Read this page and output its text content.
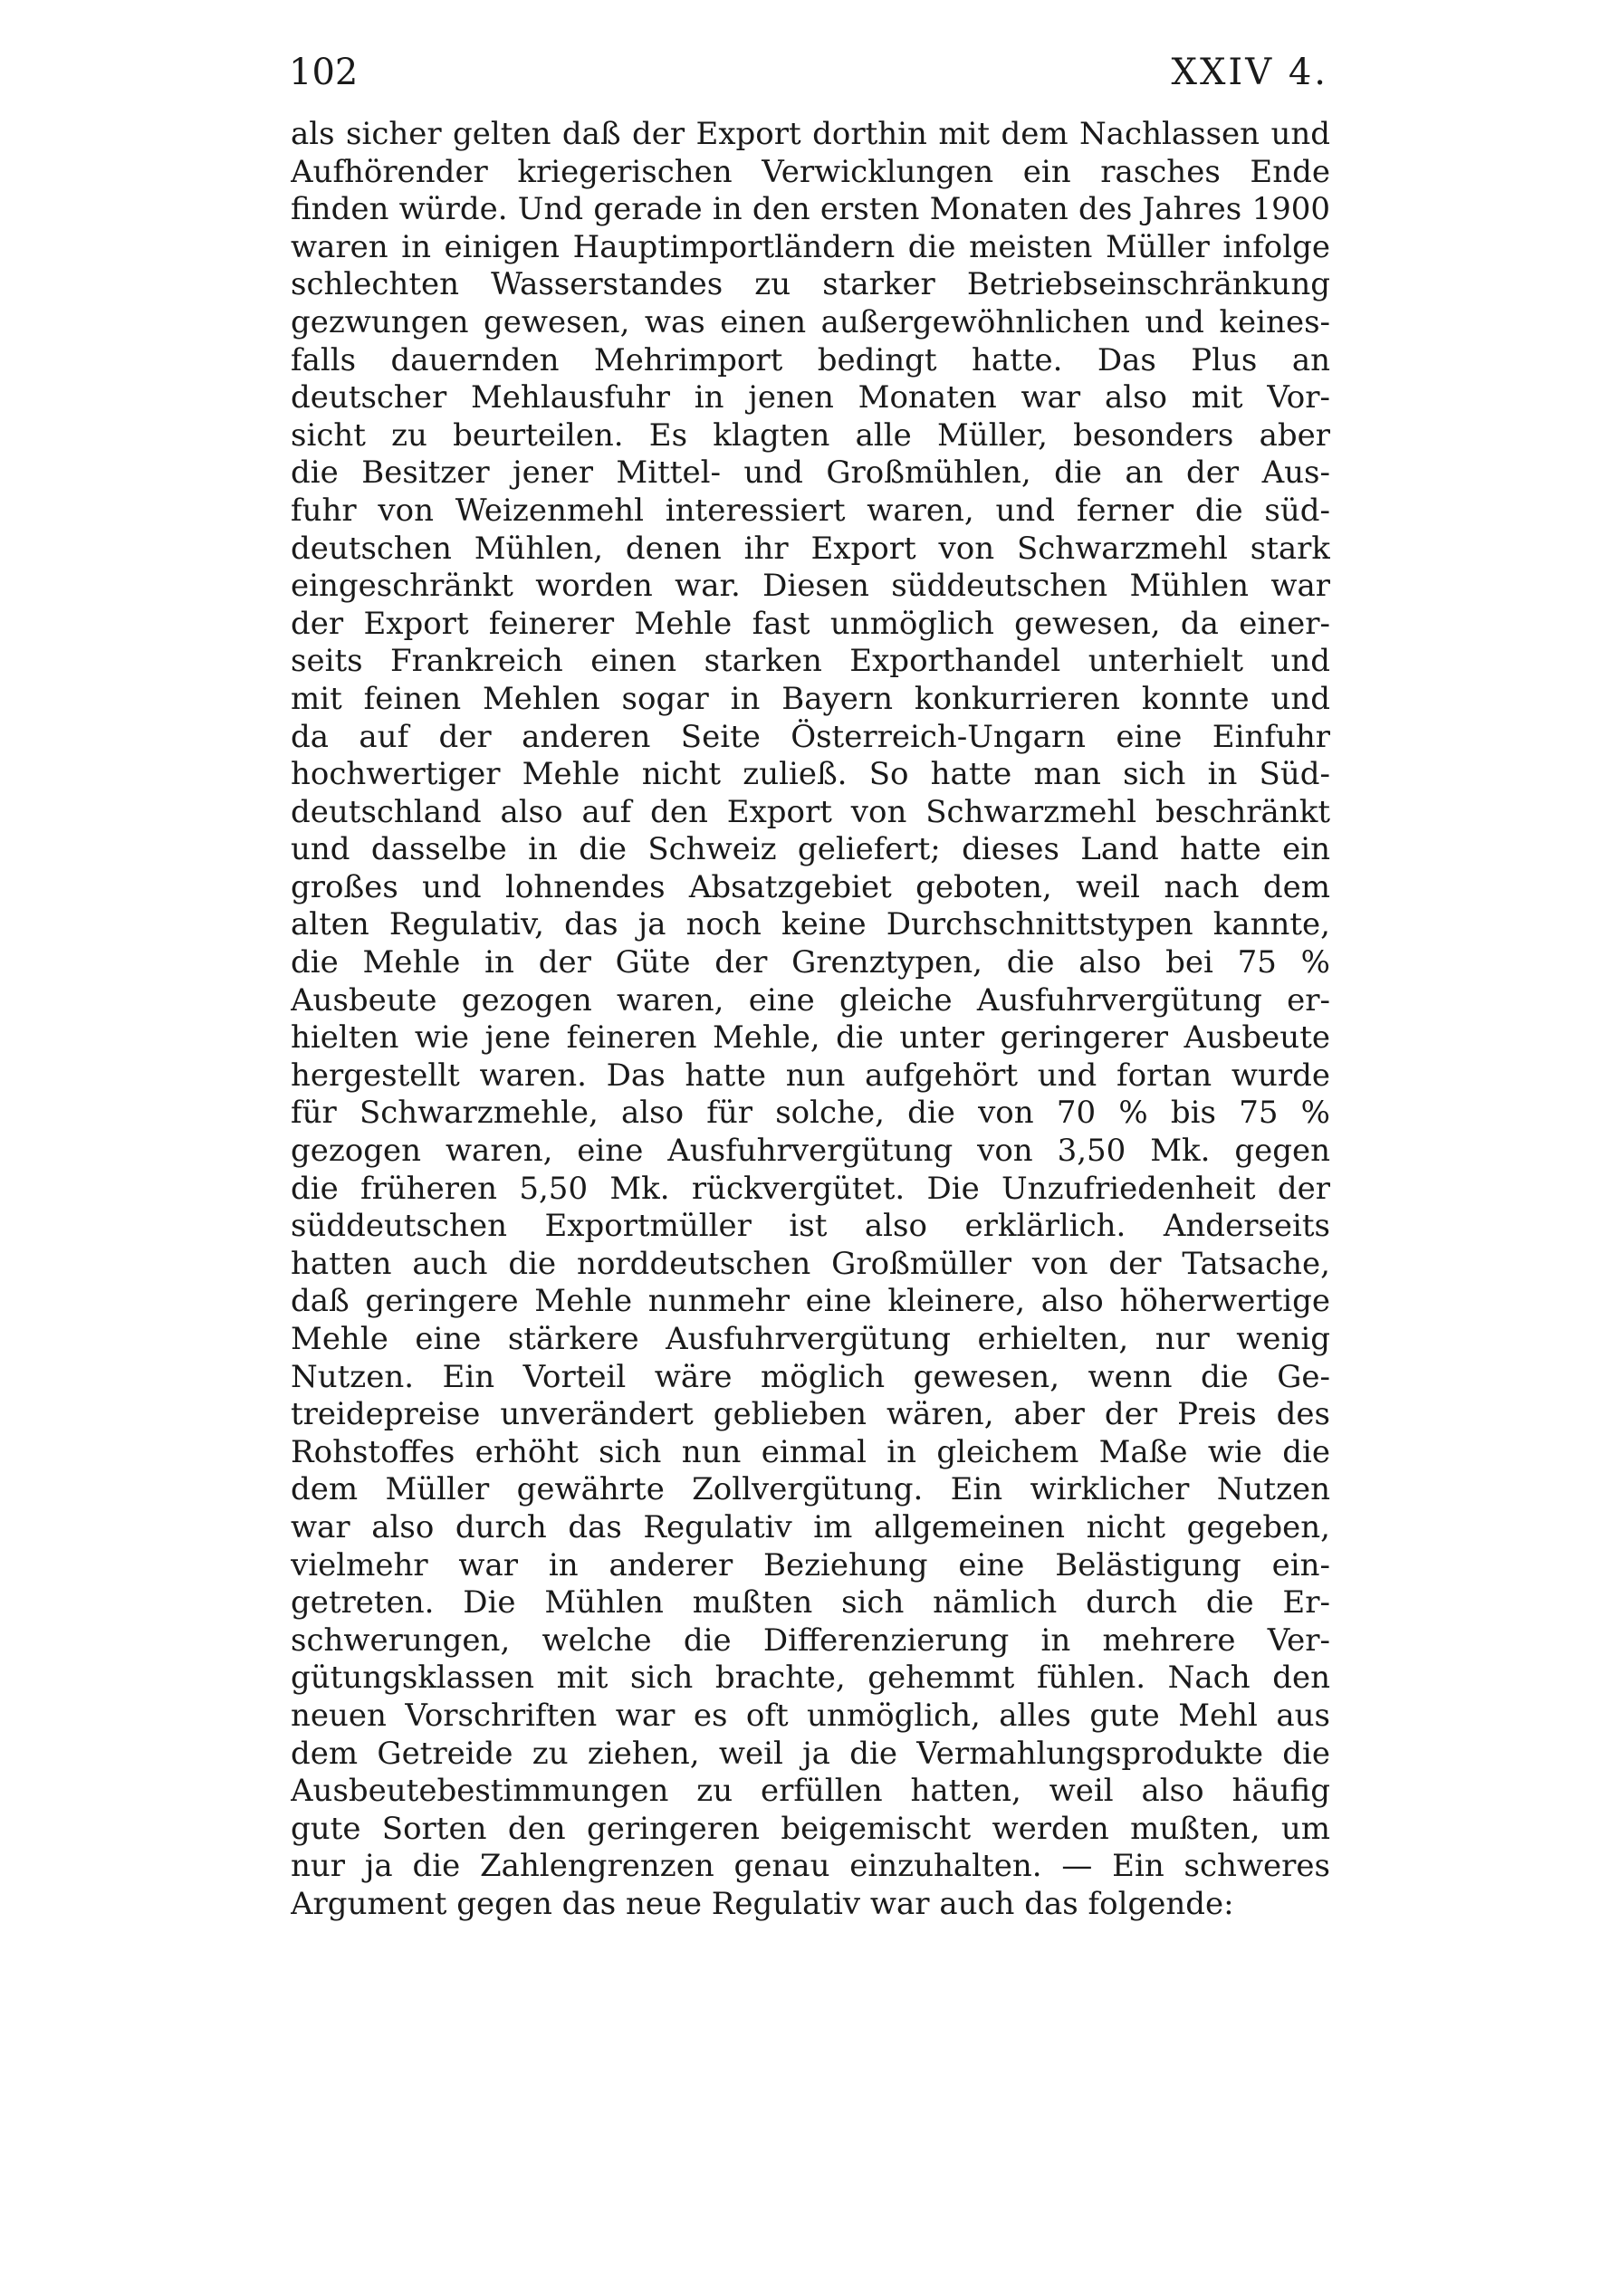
102	XXIV 4.
als sicher gelten daß der Export dorthin mit dem Nachlassen und
Aufhörender kriegerischen Verwicklungen ein rasches Ende
finden würde. Und gerade in den ersten Monaten des Jahres 1900
waren in einigen Hauptimportländern die meisten Müller infolge
schlechten Wasserstandes zu starker Betriebseinschränkung
gezwungen gewesen, was einen außergewöhnlichen und keines-
falls dauernden Mehrimport bedingt hatte. Das Plus an
deutscher Mehlausfuhr in jenen Monaten war also mit Vor-
sicht zu beurteilen. Es klagten alle Müller, besonders aber
die Besitzer jener Mittel- und Großmühlen, die an der Aus-
fuhr von Weizenmehl interessiert waren, und ferner die süd-
deutschen Mühlen, denen ihr Export von Schwarzmehl stark
eingeschränkt worden war. Diesen süddeutschen Mühlen war
der Export feinerer Mehle fast unmöglich gewesen, da einer-
seits Frankreich einen starken Exporthandel unterhielt und
mit feinen Mehlen sogar in Bayern konkurrieren konnte und
da auf der anderen Seite Österreich-Ungarn eine Einfuhr
hochwertiger Mehle nicht zuließ. So hatte man sich in Süd-
deutschland also auf den Export von Schwarzmehl beschränkt
und dasselbe in die Schweiz geliefert; dieses Land hatte ein
großes und lohnendes Absatzgebiet geboten, weil nach dem
alten Regulativ, das ja noch keine Durchschnittstypen kannte,
die Mehle in der Güte der Grenztypen, die also bei 75 %
Ausbeute gezogen waren, eine gleiche Ausfuhrvergütung er-
hielten wie jene feineren Mehle, die unter geringerer Ausbeute
hergestellt waren. Das hatte nun aufgehört und fortan wurde
für Schwarzmehle, also für solche, die von 70 % bis 75 %
gezogen waren, eine Ausfuhrvergütung von 3,50 Mk. gegen
die früheren 5,50 Mk. rückvergütet. Die Unzufriedenheit der
süddeutschen Exportmüller ist also erklärlich. Anderseits
hatten auch die norddeutschen Großmüller von der Tatsache,
daß geringere Mehle nunmehr eine kleinere, also höherwertige
Mehle eine stärkere Ausfuhrvergütung erhielten, nur wenig
Nutzen. Ein Vorteil wäre möglich gewesen, wenn die Ge-
treidepreise unverändert geblieben wären, aber der Preis des
Rohstoffes erhöht sich nun einmal in gleichem Maße wie die
dem Müller gewährte Zollvergütung. Ein wirklicher Nutzen
war also durch das Regulativ im allgemeinen nicht gegeben,
vielmehr war in anderer Beziehung eine Belästigung ein-
getreten. Die Mühlen mußten sich nämlich durch die Er-
schwerungen, welche die Differenzierung in mehrere Ver-
gütungsklassen mit sich brachte, gehemmt fühlen. Nach den
neuen Vorschriften war es oft unmöglich, alles gute Mehl aus
dem Getreide zu ziehen, weil ja die Vermahlungsprodukte die
Ausbeutebestimmungen zu erfüllen hatten, weil also häufig
gute Sorten den geringeren beigemischt werden mußten, um
nur ja die Zahlengrenzen genau einzuhalten. — Ein schweres
Argument gegen das neue Regulativ war auch das folgende:
